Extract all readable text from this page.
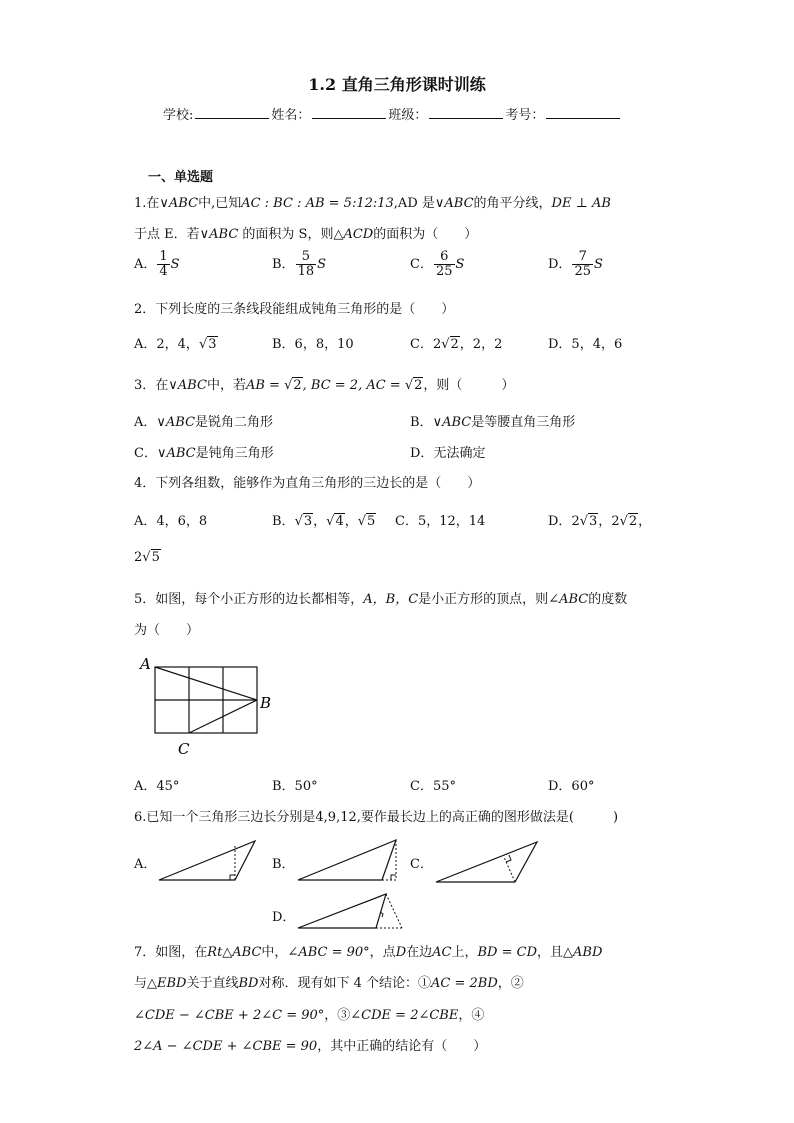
1.2 直角三角形课时训练
学校:	姓名：	班级：	考号：
一、单选题
1.在∨ABC中,已知AC : BC : AB = 5:12:13,AD 是∨ABC的角平分线，DE ⊥ AB
于点 E．若∨ABC 的面积为 S，则△ACD的面积为（　　）
A． $\frac{1}{4}$ S	B． $\frac{5}{18}$ S	C． $\frac{6}{25}$ S	D． $\frac{7}{25}$ S
2．下列长度的三条线段能组成钝角三角形的是（　　）
A．2，4，√3	B．6，8，10	C．2√2，2，2	D．5，4，6
3．在∨ABC中，若AB = √2, BC = 2, AC = √2，则（　　　）
A．∨ABC是锐角二角形	B．∨ABC是等腰直角三角形
C．∨ABC是钝角三角形	D．无法确定
4．下列各组数，能够作为直角三角形的三边长的是（　　）
A．4，6，8	B．√3，√4，√5 C．5，12，14	D．2√3，2√2，
2√5
5．如图，每个小正方形的边长都相等，A，B，C是小正方形的顶点，则∠ABC的度数
为（　　）
A
B
C
A．45°	B．50°	C．55°	D．60°
6.已知一个三角形三边长分别是4,9,12,要作最长边上的高正确的图形做法是(　　　)
A．	B．	C．
D．
7．如图，在Rt△ABC中，∠ABC = 90°，点D在边AC上，BD = CD，且△ABD
与△EBD关于直线BD对称．现有如下 4 个结论：①AC = 2BD，②
∠CDE − ∠CBE + 2∠C = 90°，③∠CDE = 2∠CBE，④
2∠A − ∠CDE + ∠CBE = 90，其中正确的结论有（　　）
